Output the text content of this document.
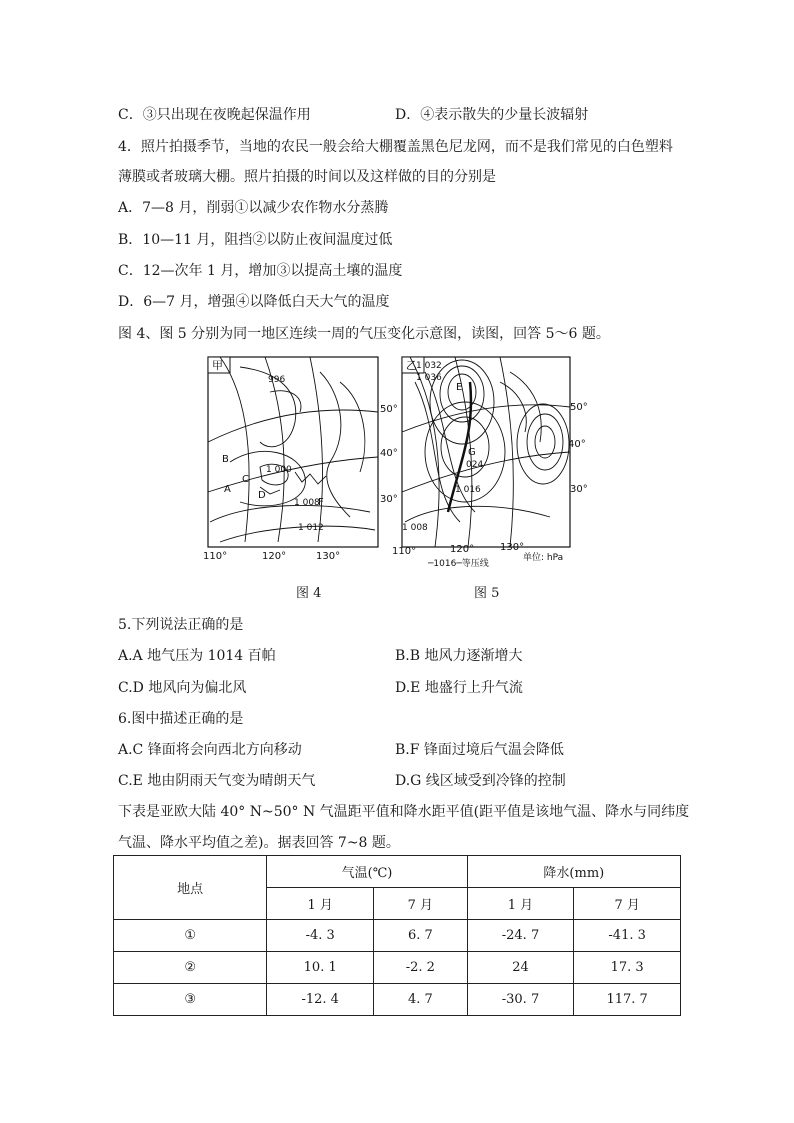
C．③只出现在夜晚起保温作用	D．④表示散失的少量长波辐射
4．照片拍摄季节，当地的农民一般会给大棚覆盖黑色尼龙网，而不是我们常见的白色塑料
薄膜或者玻璃大棚。照片拍摄的时间以及这样做的目的分别是
A．7—8 月，削弱①以减少农作物水分蒸腾
B．10—11 月，阻挡②以防止夜间温度过低
C．12—次年 1 月，增加③以提高土壤的温度
D．6—7 月，增强④以降低白天大气的温度
图 4、图 5 分别为同一地区连续一周的气压变化示意图，读图，回答 5～6 题。
甲
996
1 000
1 008
1 012
B
A
C
D
F
50°
40°
30°
110°	120°	130°
乙 1 032
1 036
024
1 016
1 008
E
G
50°
40°
30°
110°	120°	130°
─1016─等压线
单位: hPa
图 4	图 5
5.下列说法正确的是
A.A 地气压为 1014 百帕	B.B 地风力逐渐增大
C.D 地风向为偏北风	D.E 地盛行上升气流
6.图中描述正确的是
A.C 锋面将会向西北方向移动	B.F 锋面过境后气温会降低
C.E 地由阴雨天气变为晴朗天气	D.G 线区域受到冷锋的控制
下表是亚欧大陆 40° N~50° N 气温距平值和降水距平值(距平值是该地气温、降水与同纬度
气温、降水平均值之差)。据表回答 7~8 题。
地点	气温(℃)		降水(mm)	
	1 月	7 月	1 月	7 月
①	-4. 3	6. 7	-24. 7	-41. 3
②	10. 1	-2. 2	24	17. 3
③	-12. 4	4. 7	-30. 7	117. 7
